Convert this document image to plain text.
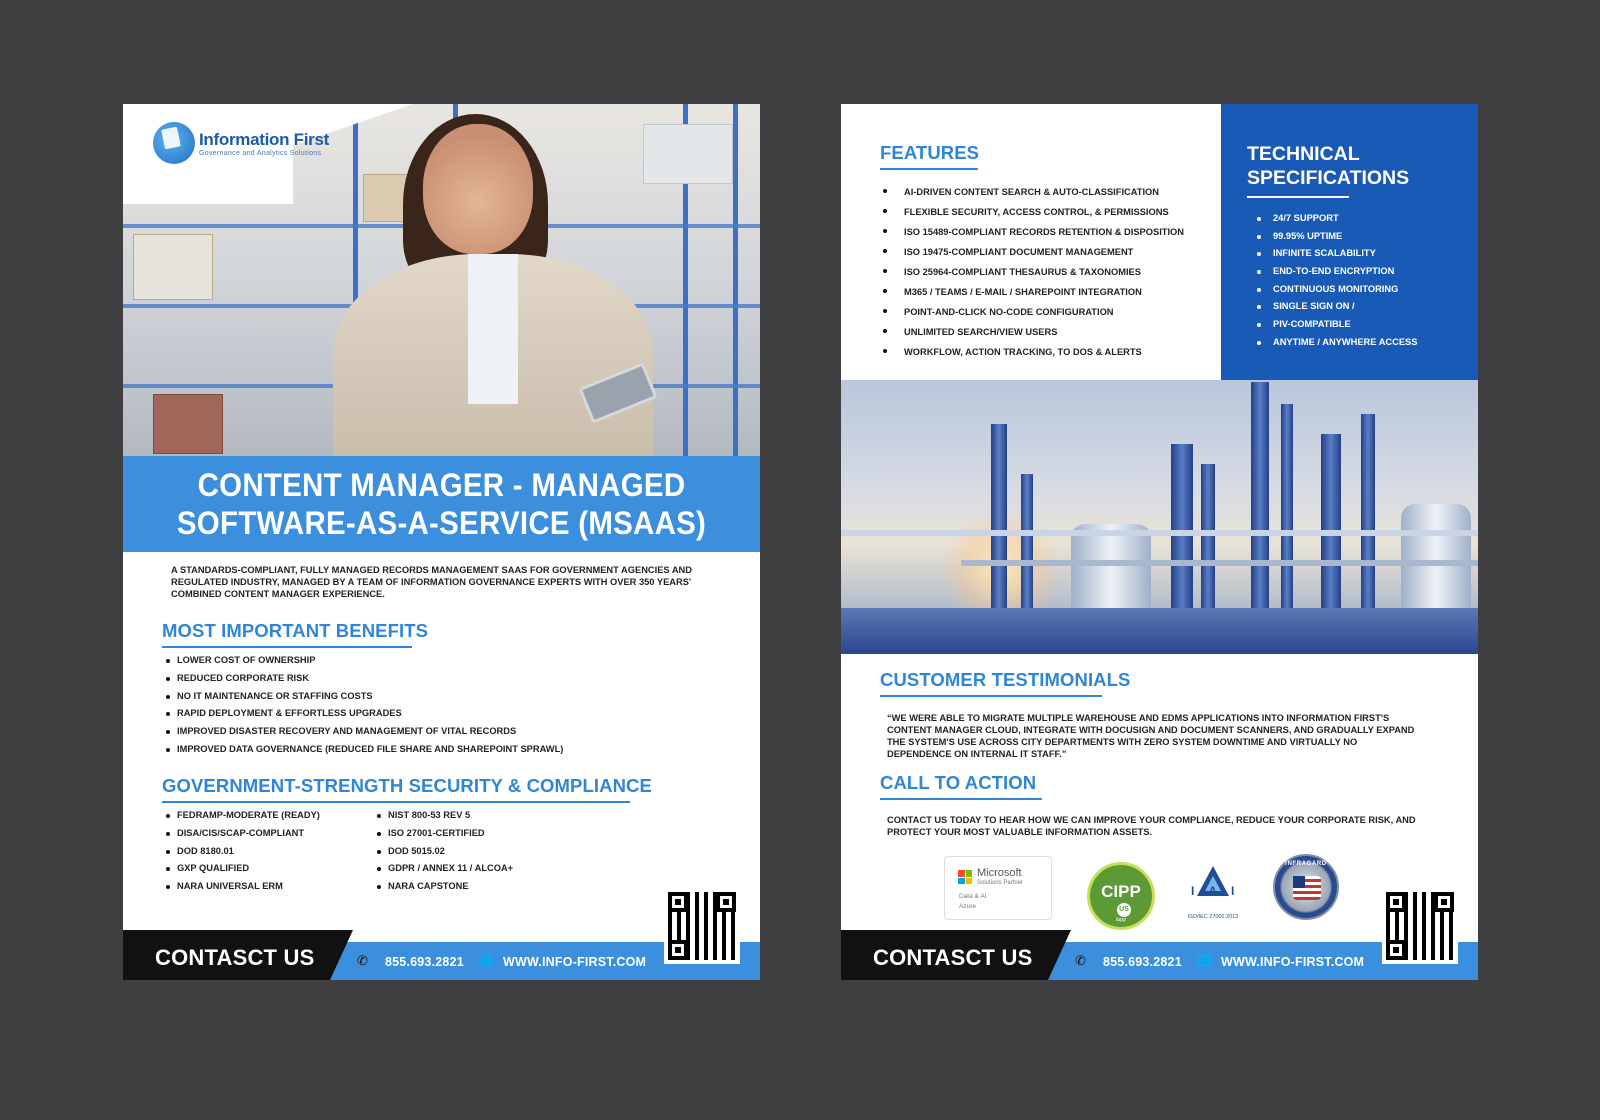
Information First
Governance and Analytics Solutions
CONTENT MANAGER - MANAGED
SOFTWARE-AS-A-SERVICE (MSAAS)
A STANDARDS-COMPLIANT, FULLY MANAGED RECORDS MANAGEMENT SAAS FOR GOVERNMENT AGENCIES AND REGULATED INDUSTRY, MANAGED BY A TEAM OF INFORMATION GOVERNANCE EXPERTS WITH OVER 350 YEARS' COMBINED CONTENT MANAGER EXPERIENCE.
MOST IMPORTANT BENEFITS
LOWER COST OF OWNERSHIP
REDUCED CORPORATE RISK
NO IT MAINTENANCE OR STAFFING COSTS
RAPID DEPLOYMENT & EFFORTLESS UPGRADES
IMPROVED DISASTER RECOVERY AND MANAGEMENT OF VITAL RECORDS
IMPROVED DATA GOVERNANCE (REDUCED FILE SHARE AND SHAREPOINT SPRAWL)
GOVERNMENT-STRENGTH SECURITY & COMPLIANCE
FEDRAMP-MODERATE (READY)
DISA/CIS/SCAP-COMPLIANT
DOD 8180.01
GXP QUALIFIED
NARA UNIVERSAL ERM
NIST 800-53 REV 5
ISO 27001-CERTIFIED
DOD 5015.02
GDPR / ANNEX 11 / ALCOA+
NARA CAPSTONE
CONTASCT US	✆ 855.693.2821 🌐 WWW.INFO-FIRST.COM
FEATURES
AI-DRIVEN CONTENT SEARCH & AUTO-CLASSIFICATION
FLEXIBLE SECURITY, ACCESS CONTROL, & PERMISSIONS
ISO 15489-COMPLIANT RECORDS RETENTION & DISPOSITION
ISO 19475-COMPLIANT DOCUMENT MANAGEMENT
ISO 25964-COMPLIANT THESAURUS & TAXONOMIES
M365 / TEAMS / E-MAIL / SHAREPOINT INTEGRATION
POINT-AND-CLICK NO-CODE CONFIGURATION
UNLIMITED SEARCH/VIEW USERS
WORKFLOW, ACTION TRACKING, TO DOS & ALERTS
TECHNICAL
SPECIFICATIONS
24/7 SUPPORT
99.95% UPTIME
INFINITE SCALABILITY
END-TO-END ENCRYPTION
CONTINUOUS MONITORING
SINGLE SIGN ON /
PIV-COMPATIBLE
ANYTIME / ANYWHERE ACCESS
CUSTOMER TESTIMONIALS
“WE WERE ABLE TO MIGRATE MULTIPLE WAREHOUSE AND EDMS APPLICATIONS INTO INFORMATION FIRST'S CONTENT MANAGER CLOUD, INTEGRATE WITH DOCUSIGN AND DOCUMENT SCANNERS, AND GRADUALLY EXPAND THE SYSTEM'S USE ACROSS CITY DEPARTMENTS WITH ZERO SYSTEM DOWNTIME AND VIRTUALLY NO DEPENDENCE ON INTERNAL IT STAFF.”
CALL TO ACTION
CONTACT US TODAY TO HEAR HOW WE CAN IMPROVE YOUR COMPLIANCE, REDUCE YOUR CORPORATE RISK, AND PROTECT YOUR MOST VALUABLE INFORMATION ASSETS.
Microsoft
Solutions Partner
Data & AI
Azure
CIPP
US
iapp
IAI
ISO/IEC 27001:2013
INFRAGARD
CONTASCT US	✆ 855.693.2821 🌐 WWW.INFO-FIRST.COM
